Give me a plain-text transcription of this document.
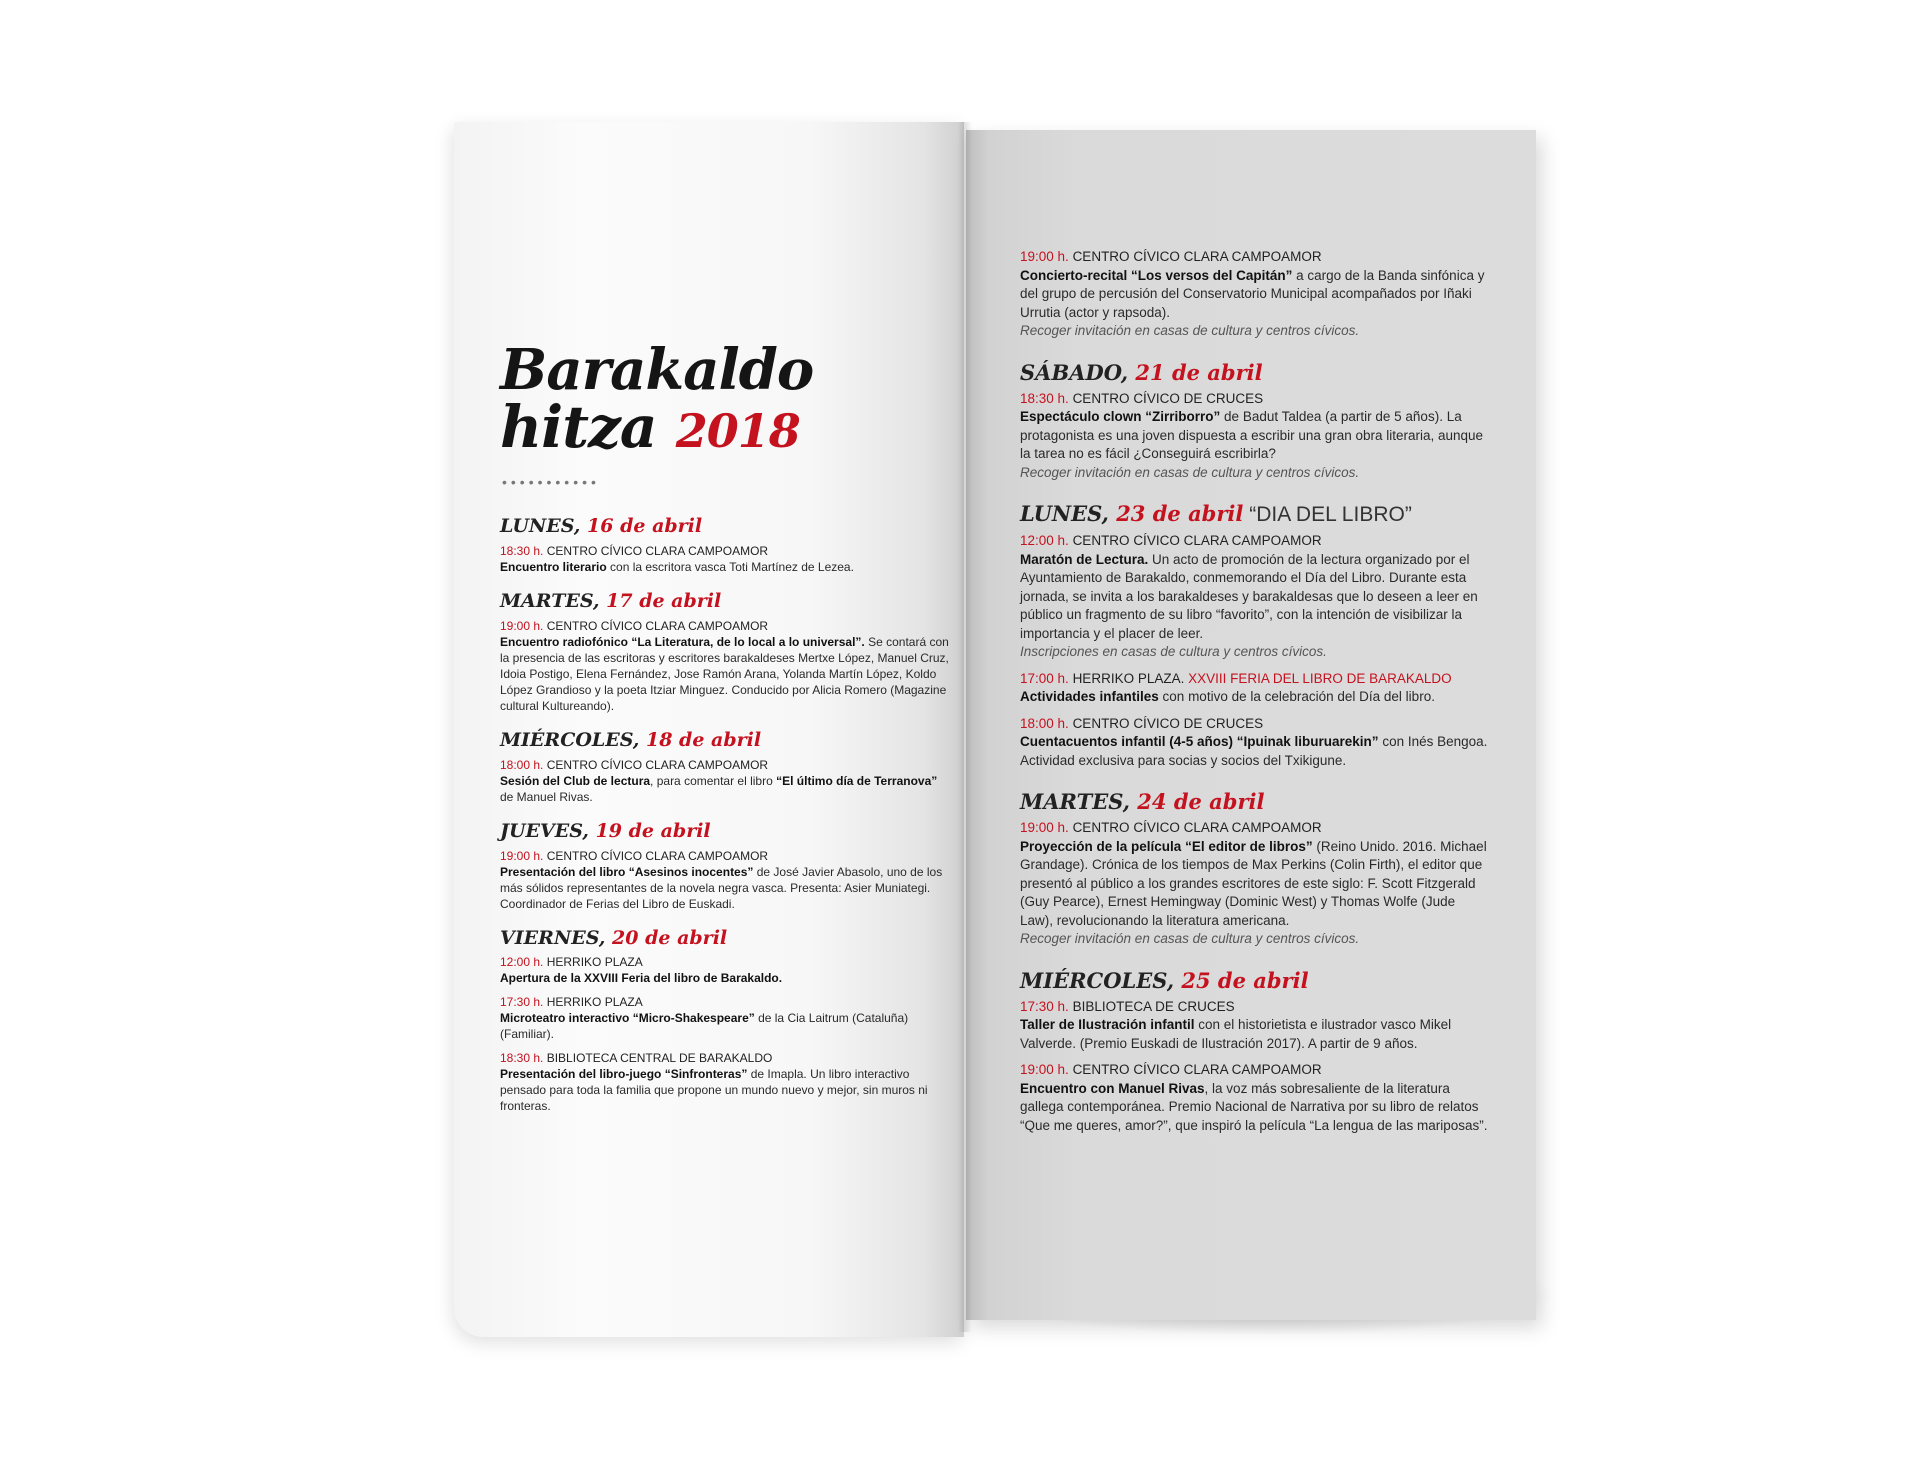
Barakaldo
hitza 2018
•••••••••••
LUNES, 16 de abril
18:30 h. CENTRO CÍVICO CLARA CAMPOAMOR
Encuentro literario con la escritora vasca Toti Martínez de Lezea.
MARTES, 17 de abril
19:00 h. CENTRO CÍVICO CLARA CAMPOAMOR
Encuentro radiofónico “La Literatura, de lo local a lo universal”. Se contará con la presencia de las escritoras y escritores barakaldeses Mertxe López, Manuel Cruz, Idoia Postigo, Elena Fernández, Jose Ramón Arana, Yolanda Martín López, Koldo López Grandioso y la poeta Itziar Minguez. Conducido por Alicia Romero (Magazine cultural Kultureando).
MIÉRCOLES, 18 de abril
18:00 h. CENTRO CÍVICO CLARA CAMPOAMOR
Sesión del Club de lectura, para comentar el libro “El último día de Terranova” de Manuel Rivas.
JUEVES, 19 de abril
19:00 h. CENTRO CÍVICO CLARA CAMPOAMOR
Presentación del libro “Asesinos inocentes” de José Javier Abasolo, uno de los más sólidos representantes de la novela negra vasca. Presenta: Asier Muniategi. Coordinador de Ferias del Libro de Euskadi.
VIERNES, 20 de abril
12:00 h. HERRIKO PLAZA
Apertura de la XXVIII Feria del libro de Barakaldo.
17:30 h. HERRIKO PLAZA
Microteatro interactivo “Micro-Shakespeare” de la Cia Laitrum (Cataluña) (Familiar).
18:30 h. BIBLIOTECA CENTRAL DE BARAKALDO
Presentación del libro-juego “Sinfronteras” de Imapla. Un libro interactivo pensado para toda la familia que propone un mundo nuevo y mejor, sin muros ni fronteras.
19:00 h. CENTRO CÍVICO CLARA CAMPOAMOR
Concierto-recital “Los versos del Capitán” a cargo de la Banda sinfónica y del grupo de percusión del Conservatorio Municipal acompañados por Iñaki Urrutia (actor y rapsoda).
Recoger invitación en casas de cultura y centros cívicos.
SÁBADO, 21 de abril
18:30 h. CENTRO CÍVICO DE CRUCES
Espectáculo clown “Zirriborro” de Badut Taldea (a partir de 5 años). La protagonista es una joven dispuesta a escribir una gran obra literaria, aunque la tarea no es fácil ¿Conseguirá escribirla?
Recoger invitación en casas de cultura y centros cívicos.
LUNES, 23 de abril “DIA DEL LIBRO”
12:00 h. CENTRO CÍVICO CLARA CAMPOAMOR
Maratón de Lectura. Un acto de promoción de la lectura organizado por el Ayuntamiento de Barakaldo, conmemorando el Día del Libro. Durante esta jornada, se invita a los barakaldeses y barakaldesas que lo deseen a leer en público un fragmento de su libro “favorito”, con la intención de visibilizar la importancia y el placer de leer.
Inscripciones en casas de cultura y centros cívicos.
17:00 h. HERRIKO PLAZA. XXVIII FERIA DEL LIBRO DE BARAKALDO
Actividades infantiles con motivo de la celebración del Día del libro.
18:00 h. CENTRO CÍVICO DE CRUCES
Cuentacuentos infantil (4-5 años) “Ipuinak liburuarekin” con Inés Bengoa. Actividad exclusiva para socias y socios del Txikigune.
MARTES, 24 de abril
19:00 h. CENTRO CÍVICO CLARA CAMPOAMOR
Proyección de la película “El editor de libros” (Reino Unido. 2016. Michael Grandage). Crónica de los tiempos de Max Perkins (Colin Firth), el editor que presentó al público a los grandes escritores de este siglo: F. Scott Fitzgerald (Guy Pearce), Ernest Hemingway (Dominic West) y Thomas Wolfe (Jude Law), revolucionando la literatura americana.
Recoger invitación en casas de cultura y centros cívicos.
MIÉRCOLES, 25 de abril
17:30 h. BIBLIOTECA DE CRUCES
Taller de Ilustración infantil con el historietista e ilustrador vasco Mikel Valverde. (Premio Euskadi de Ilustración 2017). A partir de 9 años.
19:00 h. CENTRO CÍVICO CLARA CAMPOAMOR
Encuentro con Manuel Rivas, la voz más sobresaliente de la literatura gallega contemporánea. Premio Nacional de Narrativa por su libro de relatos “Que me queres, amor?”, que inspiró la película “La lengua de las mariposas”.
